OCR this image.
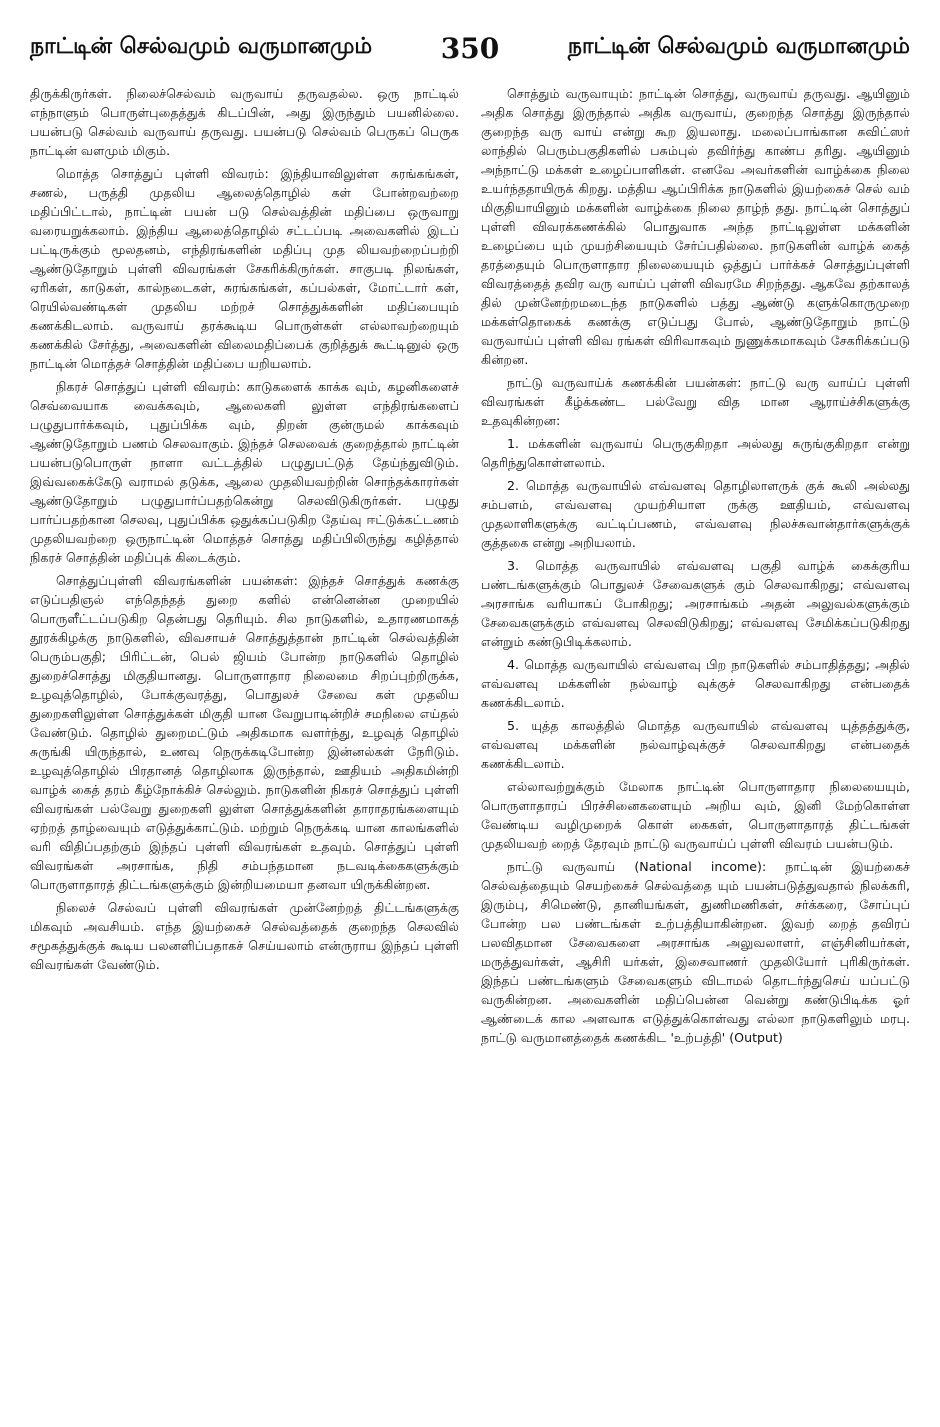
நாட்டின் செல்வமும் வருமானமும் 350	நாட்டின் செல்வமும் வருமானமும்

திருக்கிருர்கள். நிலைச்செல்வம் வருவாய் தருவதல்ல. ஒரு நாட்டில் எந்நாளும் பொருள்புதைத்துக் கிடப்பின், அது இருந்தும் பயனில்லை. பயன்படு செல்வம் வருவாய் தருவது. பயன்படு செல்வம் பெருகப் பெருக நாட்டின் வளமும் மிகும்.

மொத்த சொத்துப் புள்ளி விவரம்: இந்தியாவிலுள்ள சுரங்கங்கள், சணல், பருத்தி முதலிய ஆலைத்தொழில் கள் போன்றவற்றை மதிப்பிட்டால், நாட்டின் பயன் படு செல்வத்தின் மதிப்பை ஒருவாறு வரையறுக்கலாம். இந்திய ஆலைத்தொழில் சட்டப்படி அவைகளில் இடப் பட்டிருக்கும் மூலதனம், எந்திரங்களின் மதிப்பு முத லியவற்றைப்பற்றி ஆண்டுதோறும் புள்ளி விவரங்கள் சேகரிக்கிருர்கள். சாகுபடி நிலங்கள், ஏரிகள், காடுகள், கால்நடைகள், சுரங்கங்கள், கப்பல்கள், மோட்டார் கள், ரெயில்வண்டிகள் முதலிய மற்றச் சொத்துக்களின் மதிப்பையும் கணக்கிடலாம். வருவாய் தரக்கூடிய பொருள்கள் எல்லாவற்றையும் கணக்கில் சேர்த்து, அவைகளின் விலைமதிப்பைக் குறித்துக் கூட்டினுல் ஒரு நாட்டின் மொத்தச் சொத்தின் மதிப்பை யறியலாம்.

நிகரச் சொத்துப் புள்ளி விவரம்: காடுகளைக் காக்க வும், கழனிகளைச் செவ்வையாக வைக்கவும், ஆலைகளி லுள்ள எந்திரங்களைப் பழுதுபார்க்கவும், புதுப்பிக்க வும், திறன் குன்ருமல் காக்கவும் ஆண்டுதோறும் பணம் செலவாகும். இந்தச் செலவைக் குறைத்தால் நாட்டின் பயன்படுபொருள் நாளா வட்டத்தில் பழுதுபட்டுத் தேய்ந்துவிடும். இவ்வகைக்கேடு வராமல் தடுக்க, ஆலை முதலியவற்றின் சொந்தக்காரர்கள் ஆண்டுதோறும் பழுதுபார்ப்பதற்கென்று செலவிடுகிருர்கள். பழுது பார்ப்பதற்கான செலவு, புதுப்பிக்க ஒதுக்கப்படுகிற தேய்வு ஈட்டுக்கட்டணம் முதலியவற்றை ஒருநாட்டின் மொத்தச் சொத்து மதிப்பிலிருந்து கழித்தால் நிகரச் சொத்தின் மதிப்புக் கிடைக்கும்.

சொத்துப்புள்ளி விவரங்களின் பயன்கள்: இந்தச் சொத்துக் கணக்கு எடுப்பதிஞல் எந்தெந்தத் துறை களில் என்னென்ன முறையில் பொருளீட்டப்படுகிற தென்பது தெரியும். சில நாடுகளில், உதாரணமாகத் தூரக்கிழக்கு நாடுகளில், விவசாயச் சொத்துத்தான் நாட்டின் செல்வத்தின் பெரும்பகுதி; பிரிட்டன், பெல் ஜியம் போன்ற நாடுகளில் தொழில் துறைச்சொத்து மிகுதியானது. பொருளாதார நிலைமை சிறப்புற்றிருக்க, உழவுத்தொழில், போக்குவரத்து, பொதுலச் சேவை கள் முதலிய துறைகளிலுள்ள சொத்துக்கள் மிகுதி யான வேறுபாடின்றிச் சமநிலை எய்தல் வேண்டும். தொழில் துறைமட்டும் அதிகமாக வளர்ந்து, உழவுத் தொழில் சுருங்கி யிருந்தால், உணவு நெருக்கடிபோன்ற இன்னல்கள் நேரிடும். உழவுத்தொழில் பிரதானத் தொழிலாக இருந்தால், ஊதியம் அதிகமின்றி வாழ்க் கைத் தரம் கீழ்நோக்கிச் செல்லும். நாடுகளின் நிகரச் சொத்துப் புள்ளி விவரங்கள் பல்வேறு துறைகளி லுள்ள சொத்துக்களின் தாராதரங்களையும் ஏற்றத் தாழ்வையும் எடுத்துக்காட்டும். மற்றும் நெருக்கடி யான காலங்களில் வரி விதிப்பதற்கும் இந்தப் புள்ளி விவரங்கள் உதவும். சொத்துப் புள்ளி விவரங்கள் அரசாங்க, நிதி சம்பந்தமான நடவடிக்கைகளுக்கும் பொருளாதாரத் திட்டங்களுக்கும் இன்றியமையா தனவா யிருக்கின்றன.

நிலைச் செல்வப் புள்ளி விவரங்கள் முன்னேற்றத் திட்டங்களுக்கு மிகவும் அவசியம். எந்த இயற்கைச் செல்வத்தைக் குறைந்த செலவில் சமூகத்துக்குக் கூடிய பலனளிப்பதாகச் செய்யலாம் என்ருராய இந்தப் புள்ளி விவரங்கள் வேண்டும்.

சொத்தும் வருவாயும்: நாட்டின் சொத்து, வருவாய் தருவது. ஆயினும் அதிக சொத்து இருந்தால் அதிக வருவாய், குறைந்த சொத்து இருந்தால் குறைந்த வரு வாய் என்று கூற இயலாது. மலைப்பாங்கான சுவிட்ஸர் லாந்தில் பெரும்பகுதிகளில் பசும்புல் தவிர்ந்து காண்ப தரிது. ஆயினும் அந்நாட்டு மக்கள் உழைப்பாளிகள். எனவே அவர்களின் வாழ்க்கை நிலை உயர்ந்ததாயிருக் கிறது. மத்திய ஆப்பிரிக்க நாடுகளில் இயற்கைச் செல் வம் மிகுதியாயினும் மக்களின் வாழ்க்கை நிலை தாழ்ந் தது. நாட்டின் சொத்துப் புள்ளி விவரக்கணக்கில் பொதுவாக அந்த நாட்டிலுள்ள மக்களின் உழைப்பை யும் முயற்சியையும் சேர்ப்பதில்லை. நாடுகளின் வாழ்க் கைத் தரத்தையும் பொருளாதார நிலையையும் ஒத்துப் பார்க்கச் சொத்துப்புள்ளி விவரத்தைத் தவிர வரு வாய்ப் புள்ளி விவரமே சிறந்தது. ஆகவே தற்காலத் தில் முன்னேற்றமடைந்த நாடுகளில் பத்து ஆண்டு களுக்கொருமுறை மக்கள்தொகைக் கணக்கு எடுப்பது போல், ஆண்டுதோறும் நாட்டு வருவாய்ப் புள்ளி விவ ரங்கள் விரிவாகவும் நுணுக்கமாகவும் சேகரிக்கப்படு கின்றன.

நாட்டு வருவாய்க் கணக்கின் பயன்கள்: நாட்டு வரு வாய்ப் புள்ளி விவரங்கள் கீழ்க்கண்ட பல்வேறு வித மான ஆராய்ச்சிகளுக்கு உதவுகின்றன:

1. மக்களின் வருவாய் பெருகுகிறதா அல்லது சுருங்குகிறதா என்று தெரிந்துகொள்ளலாம்.

2. மொத்த வருவாயில் எவ்வளவு தொழிலாளருக் குக் கூலி அல்லது சம்பளம், எவ்வளவு முயற்சியாள ருக்கு ஊதியம், எவ்வளவு முதலாளிகளுக்கு வட்டிப்பணம், எவ்வளவு நிலச்சுவான்தார்களுக்குக் குத்தகை என்று அறியலாம்.

3. மொத்த வருவாயில் எவ்வளவு பகுதி வாழ்க் கைக்குரிய பண்டங்களுக்கும் பொதுலச் சேவைகளுக் கும் செலவாகிறது; எவ்வளவு அரசாங்க வரியாகப் போகிறது; அரசாங்கம் அதன் அலுவல்களுக்கும் சேவைகளுக்கும் எவ்வளவு செலவிடுகிறது; எவ்வளவு சேமிக்கப்படுகிறது என்றும் கண்டுபிடிக்கலாம்.

4. மொத்த வருவாயில் எவ்வளவு பிற நாடுகளில் சம்பாதித்தது; அதில் எவ்வளவு மக்களின் நல்வாழ் வுக்குச் செலவாகிறது என்பதைக் கணக்கிடலாம்.

5. யுத்த காலத்தில் மொத்த வருவாயில் எவ்வளவு யுத்தத்துக்கு, எவ்வளவு மக்களின் நல்வாழ்வுக்குச் செலவாகிறது என்பதைக் கணக்கிடலாம்.

எல்லாவற்றுக்கும் மேலாக நாட்டின் பொருளாதார நிலையையும், பொருளாதாரப் பிரச்சினைகளையும் அறிய வும், இனி மேற்கொள்ள வேண்டிய வழிமுறைக் கொள் கைகள், பொருளாதாரத் திட்டங்கள் முதலியவற் றைத் தேரவும் நாட்டு வருவாய்ப் புள்ளி விவரம் பயன்படும்.

நாட்டு வருவாய் (National income): நாட்டின் இயற்கைச் செல்வத்தையும் செயற்கைச் செல்வத்தை யும் பயன்படுத்துவதால் நிலக்கரி, இரும்பு, சிமெண்டு, தானியங்கள், துணிமணிகள், சர்க்கரை, சோப்புப் போன்ற பல பண்டங்கள் உற்பத்தியாகின்றன. இவற் றைத் தவிரப் பலவிதமான சேவைகளை அரசாங்க அலுவலாளர், எஞ்சினியர்கள், மருத்துவர்கள், ஆசிரி யர்கள், இசைவாணர் முதலியோர் புரிகிருர்கள். இந்தப் பண்டங்களும் சேவைகளும் விடாமல் தொடர்ந்துசெய் யப்பட்டு வருகின்றன. அவைகளின் மதிப்பென்ன வென்று கண்டுபிடிக்க ஓர் ஆண்டைக் கால அளவாக எடுத்துக்கொள்வது எல்லா நாடுகளிலும் மரபு. நாட்டு வருமானத்தைக் கணக்கிட 'உற்பத்தி' (Output)
